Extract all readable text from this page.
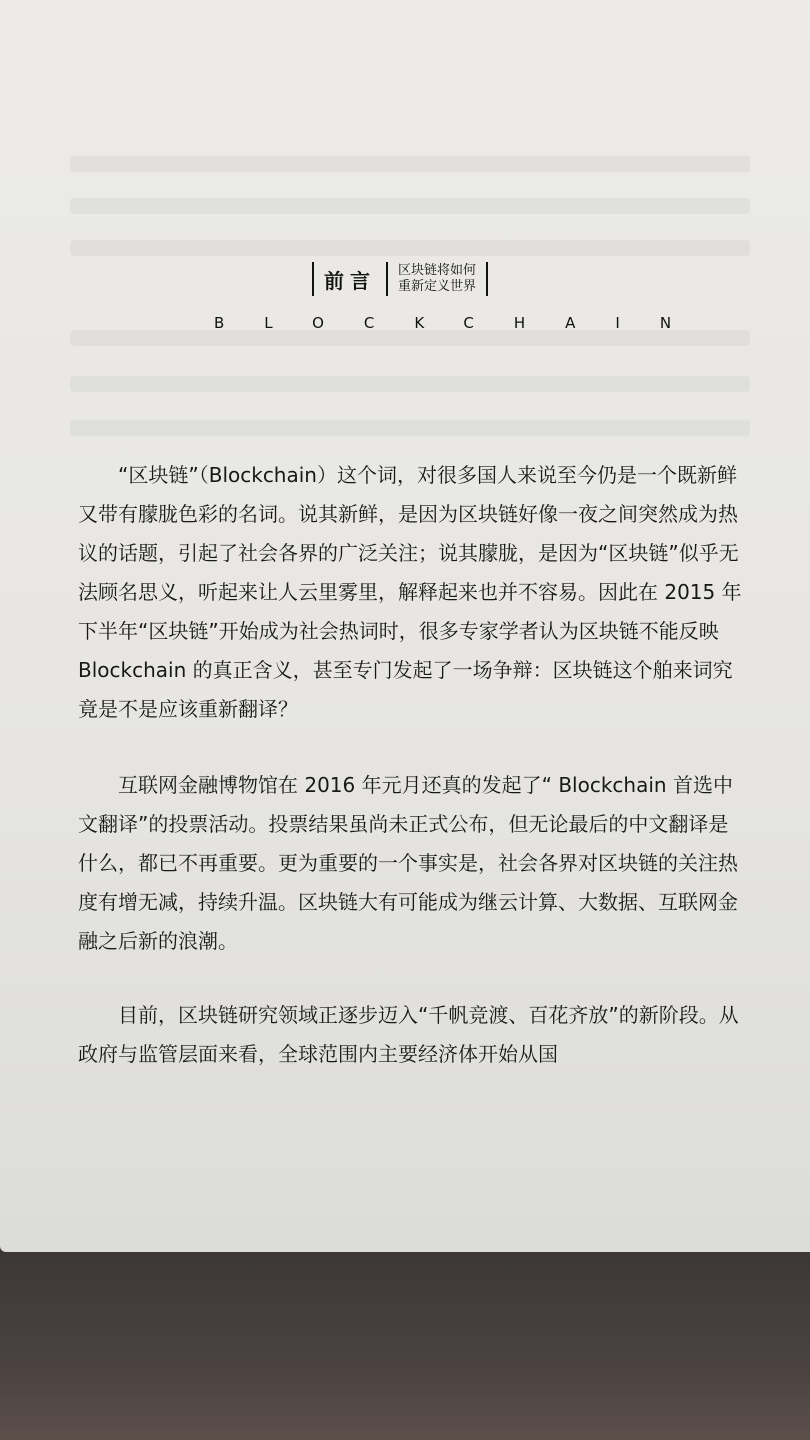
前言 区块链将如何
重新定义世界
BLOCKCHAIN
“区块链”（Blockchain）这个词，对很多国人来说至今仍是一个既新鲜又带有朦胧色彩的名词。说其新鲜，是因为区块链好像一夜之间突然成为热议的话题，引起了社会各界的广泛关注；说其朦胧，是因为“区块链”似乎无法顾名思义，听起来让人云里雾里，解释起来也并不容易。因此在 2015 年下半年“区块链”开始成为社会热词时，很多专家学者认为区块链不能反映 Blockchain 的真正含义，甚至专门发起了一场争辩：区块链这个舶来词究竟是不是应该重新翻译？
互联网金融博物馆在 2016 年元月还真的发起了“ Blockchain 首选中文翻译”的投票活动。投票结果虽尚未正式公布，但无论最后的中文翻译是什么，都已不再重要。更为重要的一个事实是，社会各界对区块链的关注热度有增无减，持续升温。区块链大有可能成为继云计算、大数据、互联网金融之后新的浪潮。
目前，区块链研究领域正逐步迈入“千帆竞渡、百花齐放”的新阶段。从政府与监管层面来看，全球范围内主要经济体开始从国
